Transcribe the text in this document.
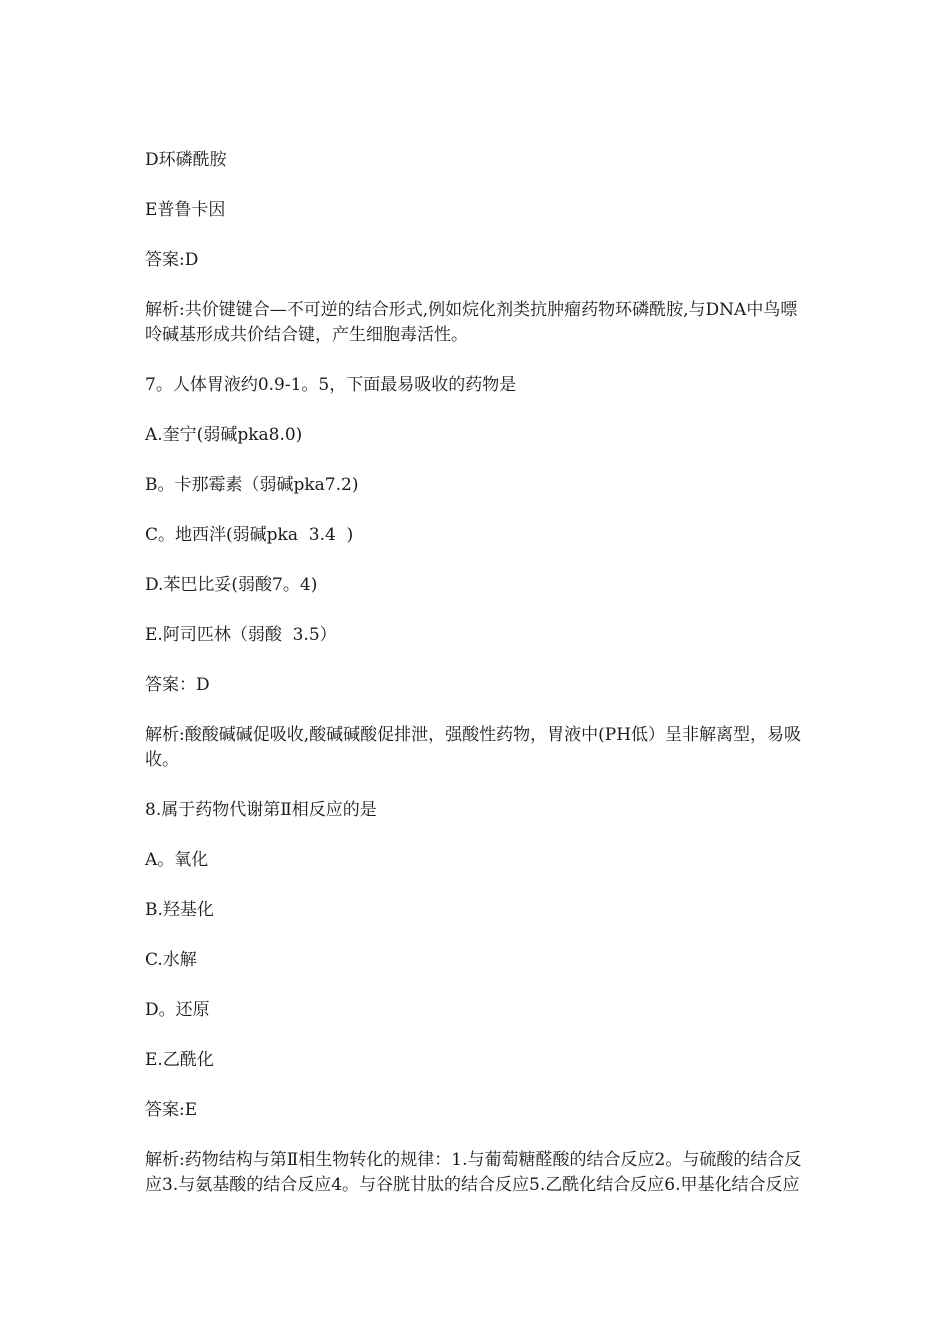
D环磷酰胺

E普鲁卡因

答案:D

解析:共价键键合—不可逆的结合形式,例如烷化剂类抗肿瘤药物环磷酰胺,与DNA中鸟嘌呤碱基形成共价结合键，产生细胞毒活性。

7。人体胃液约0.9-1。5，下面最易吸收的药物是

A.奎宁(弱碱pka8.0)

B。卡那霉素（弱碱pka7.2)

C。地西泮(弱碱pka  3.4  )

D.苯巴比妥(弱酸7。4)

E.阿司匹林（弱酸  3.5）

答案：D

解析:酸酸碱碱促吸收,酸碱碱酸促排泄，强酸性药物，胃液中(PH低）呈非解离型，易吸收。

8.属于药物代谢第Ⅱ相反应的是

A。氧化

B.羟基化

C.水解

D。还原

E.乙酰化

答案:E

解析:药物结构与第Ⅱ相生物转化的规律：1.与葡萄糖醛酸的结合反应2。与硫酸的结合反应3.与氨基酸的结合反应4。与谷胱甘肽的结合反应5.乙酰化结合反应6.甲基化结合反应
